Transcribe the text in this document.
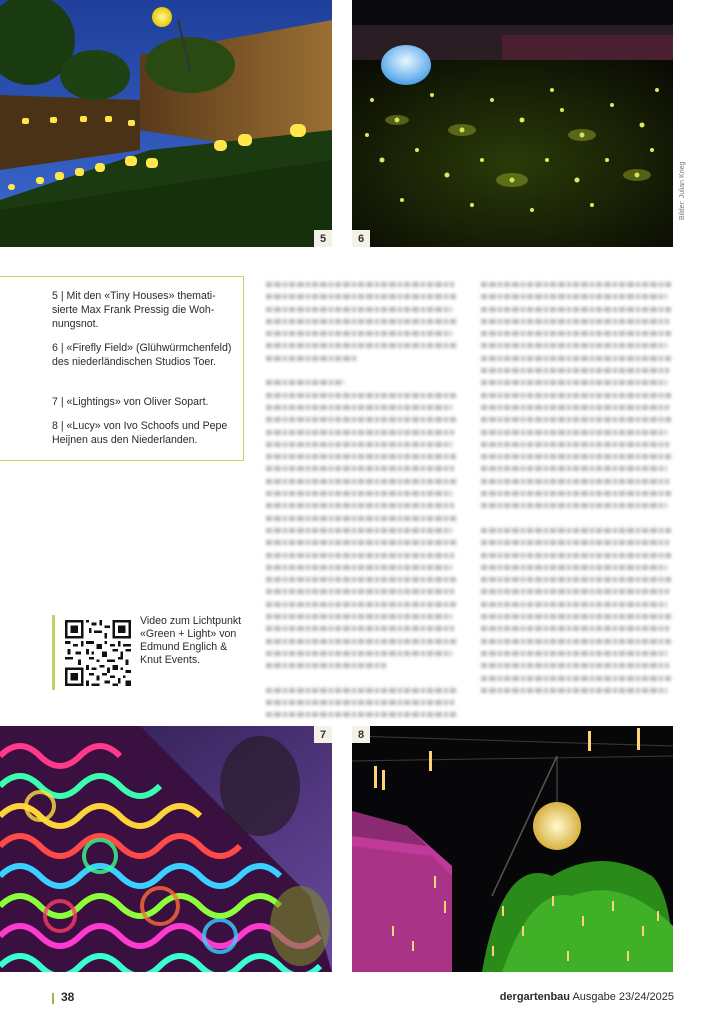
5	6
Bilder: Julian Krieg
5 | Mit den «Tiny Houses» thematisierte Max Frank Pressig die Wohnungsnot.
6 | «Firefly Field» (Glühwürmchenfeld) des niederländischen Studios Toer.
7 | «Lightings» von Oliver Sopart.
8 | «Lucy» von Ivo Schoofs und Pepe Heijnen aus den Niederlanden.
Video zum Lichtpunkt «Green + Light» von Edmund Englich & Knut Events.
7	8
38	dergartenbau Ausgabe 23/24/2025
